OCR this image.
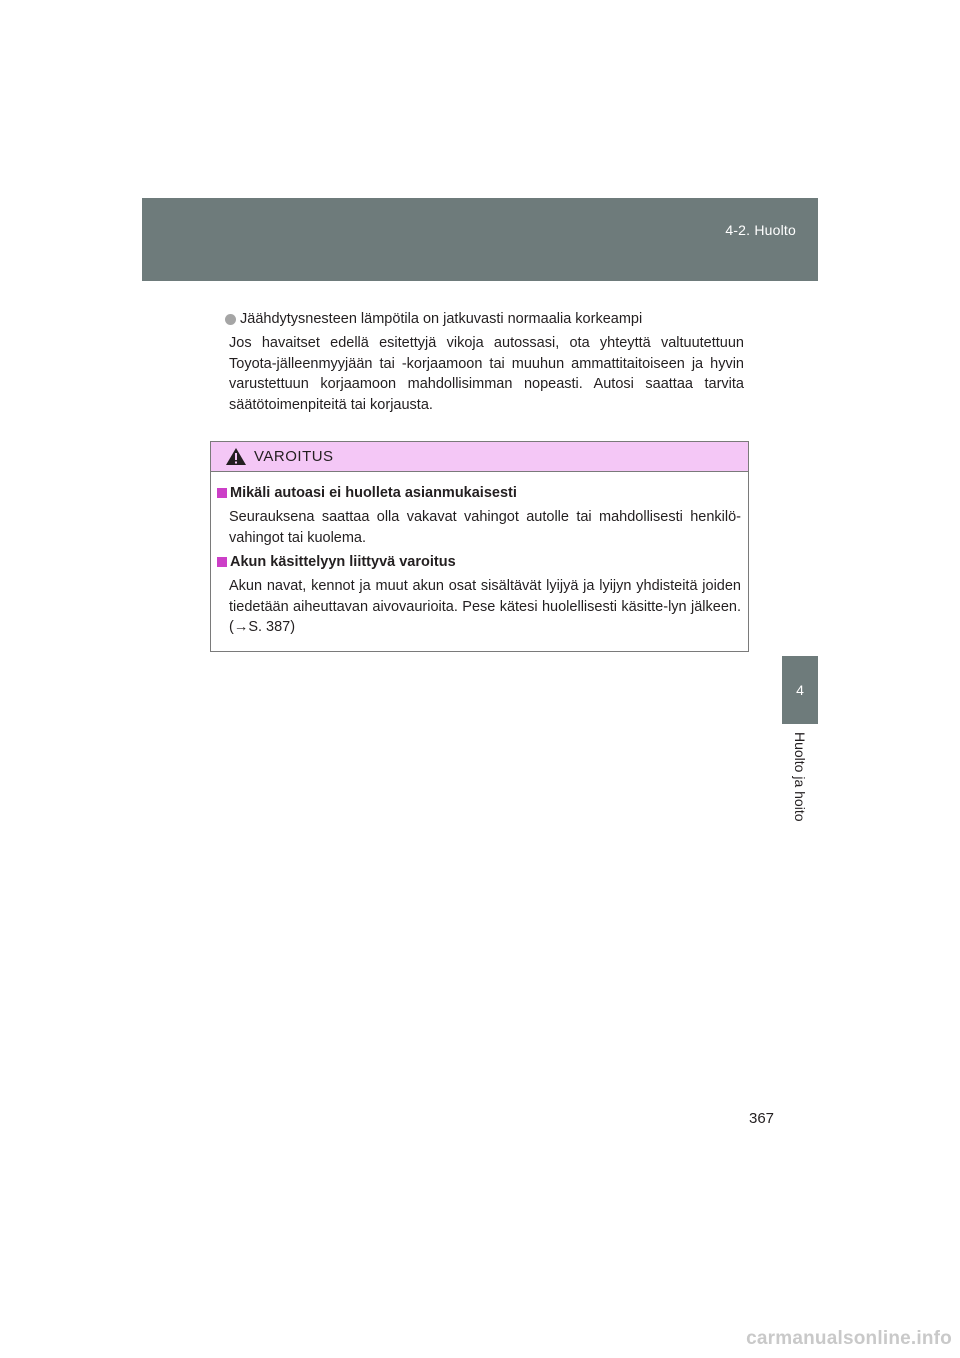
4-2. Huolto
4
Huolto ja hoito
Jäähdytysnesteen lämpötila on jatkuvasti normaalia korkeampi
Jos havaitset edellä esitettyjä vikoja autossasi, ota yhteyttä valtuutettuun Toyota-jälleenmyyjään tai -korjaamoon tai muuhun ammattitaitoiseen ja hyvin varustettuun korjaamoon mahdollisimman nopeasti. Autosi saattaa tarvita säätötoimenpiteitä tai korjausta.
VAROITUS
Mikäli autoasi ei huolleta asianmukaisesti
Seurauksena saattaa olla vakavat vahingot autolle tai mahdollisesti henkilö-vahingot tai kuolema.
Akun käsittelyyn liittyvä varoitus
Akun navat, kennot ja muut akun osat sisältävät lyijyä ja lyijyn yhdisteitä joiden tiedetään aiheuttavan aivovaurioita. Pese kätesi huolellisesti käsitte-lyn jälkeen. (→S. 387)
367
carmanualsonline.info
